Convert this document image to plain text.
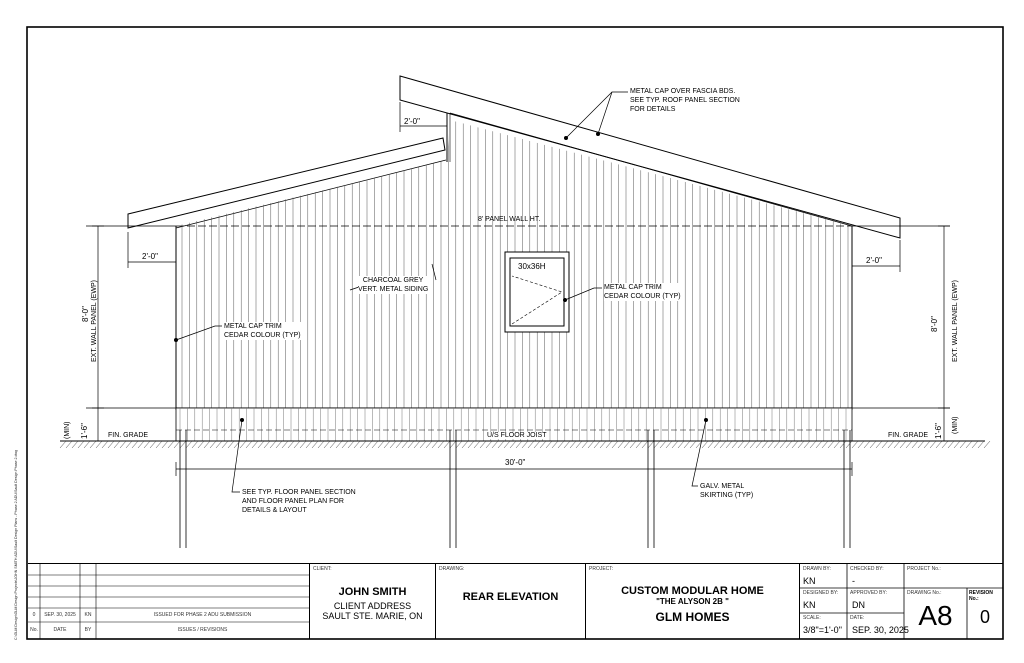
C:\GLM Design\GLM Design Projects\JOHN SMITH ADU\Sault Design Plans - Phase 2 ADU\Sault Design Phase 2.dwg
2'-0"
2'-0"	2'-0"
8' PANEL WALL HT.
30x36H
8'-0" EXT. WALL PANEL (EWP)	8'-0" EXT. WALL PANEL (EWP)
(MIN) 1'-6"	1'-6" (MIN)
FIN. GRADE	FIN. GRADE
U/S FLOOR JOIST
30'-0"
METAL CAP OVER FASCIA BDS.
SEE TYP. ROOF PANEL SECTION
FOR DETAILS
CHARCOAL GREY
VERT. METAL SIDING	METAL CAP TRIM
CEDAR COLOUR (TYP)
METAL CAP TRIM
CEDAR COLOUR (TYP)
SEE TYP. FLOOR PANEL SECTION
AND FLOOR PANEL PLAN FOR
DETAILS & LAYOUT
GALV. METAL
SKIRTING (TYP)
0	SEP. 30, 2025	KN	ISSUED FOR PHASE 2 ADU SUBMISSION
No.	DATE	BY	ISSUES / REVISIONS
CLIENT:
JOHN SMITH
CLIENT ADDRESS
SAULT STE. MARIE, ON
DRAWING:
REAR ELEVATION
PROJECT:
CUSTOM MODULAR HOME
"THE ALYSON 2B "
GLM HOMES
DRAWN BY:
KN
CHECKED BY:
-
DESIGNED BY:
KN
APPROVED BY:
DN
SCALE:
3/8"=1'-0"
DATE:
SEP. 30, 2025
PROJECT No.:
DRAWING No.:
A8
REVISION No.:
0
